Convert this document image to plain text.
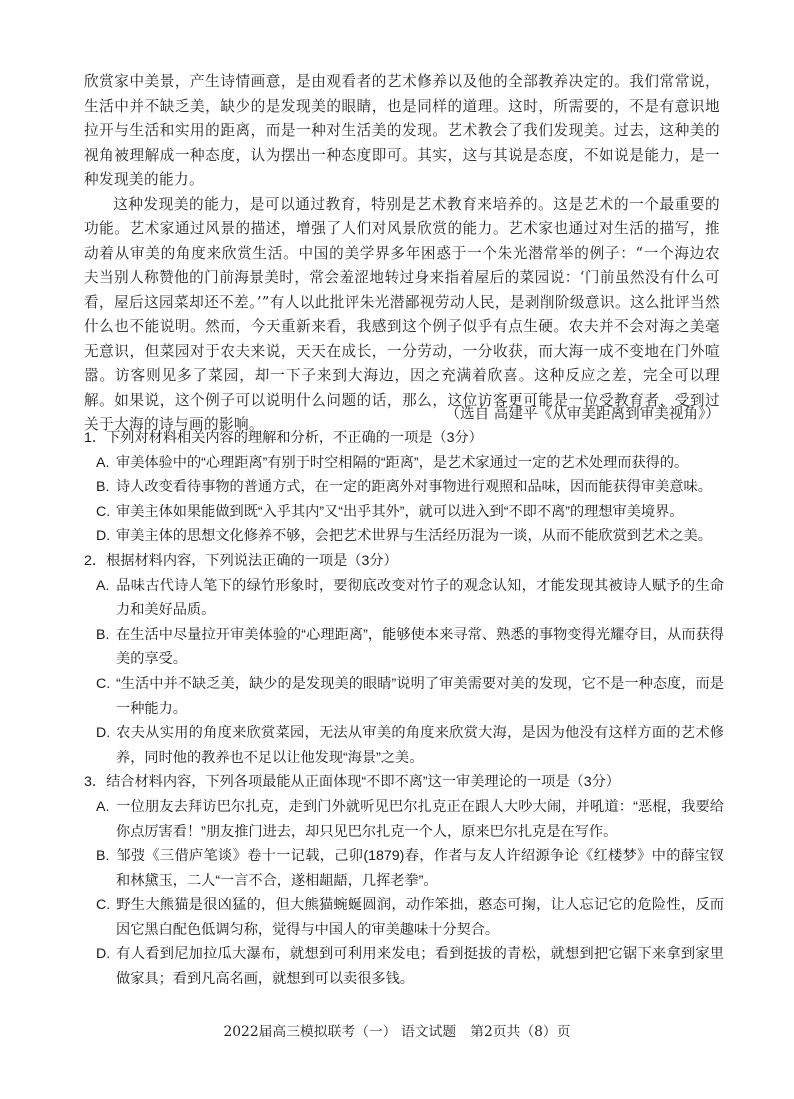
欣赏家中美景，产生诗情画意，是由观看者的艺术修养以及他的全部教养决定的。我们常常说，生活中并不缺乏美，缺少的是发现美的眼睛，也是同样的道理。这时，所需要的，不是有意识地拉开与生活和实用的距离，而是一种对生活美的发现。艺术教会了我们发现美。过去，这种美的视角被理解成一种态度，认为摆出一种态度即可。其实，这与其说是态度，不如说是能力，是一种发现美的能力。

这种发现美的能力，是可以通过教育，特别是艺术教育来培养的。这是艺术的一个最重要的功能。艺术家通过风景的描述，增强了人们对风景欣赏的能力。艺术家也通过对生活的描写，推动着从审美的角度来欣赏生活。中国的美学界多年困惑于一个朱光潜常举的例子：“一个海边农夫当别人称赞他的门前海景美时，常会羞涩地转过身来指着屋后的菜园说：‘门前虽然没有什么可看，屋后这园菜却还不差。’”有人以此批评朱光潜鄙视劳动人民，是剥削阶级意识。这么批评当然什么也不能说明。然而，今天重新来看，我感到这个例子似乎有点生硬。农夫并不会对海之美毫无意识，但菜园对于农夫来说，天天在成长，一分劳动，一分收获，而大海一成不变地在门外喧嚣。访客则见多了菜园，却一下子来到大海边，因之充满着欣喜。这种反应之差，完全可以理解。如果说，这个例子可以说明什么问题的话，那么，这位访客更可能是一位受教育者，受到过关于大海的诗与画的影响。

（选自 高建平《从审美距离到审美视角》）

1．下列对材料相关内容的理解和分析，不正确的一项是（3分）

A. 审美体验中的“心理距离”有别于时空相隔的“距离”，是艺术家通过一定的艺术处理而获得的。

B. 诗人改变看待事物的普通方式，在一定的距离外对事物进行观照和品味，因而能获得审美意味。

C. 审美主体如果能做到既“入乎其内”又“出乎其外”，就可以进入到“不即不离”的理想审美境界。

D. 审美主体的思想文化修养不够，会把艺术世界与生活经历混为一谈，从而不能欣赏到艺术之美。

2．根据材料内容，下列说法正确的一项是（3分）

A. 品味古代诗人笔下的绿竹形象时，要彻底改变对竹子的观念认知，才能发现其被诗人赋予的生命力和美好品质。

B. 在生活中尽量拉开审美体验的“心理距离”，能够使本来寻常、熟悉的事物变得光耀夺目，从而获得美的享受。

C. “生活中并不缺乏美，缺少的是发现美的眼睛”说明了审美需要对美的发现，它不是一种态度，而是一种能力。

D. 农夫从实用的角度来欣赏菜园，无法从审美的角度来欣赏大海，是因为他没有这样方面的艺术修养，同时他的教养也不足以让他发现“海景”之美。

3．结合材料内容，下列各项最能从正面体现“不即不离”这一审美理论的一项是（3分）

A. 一位朋友去拜访巴尔扎克，走到门外就听见巴尔扎克正在跟人大吵大闹，并吼道：“恶棍，我要给你点厉害看！”朋友推门进去，却只见巴尔扎克一个人，原来巴尔扎克是在写作。

B. 邹弢《三借庐笔谈》卷十一记载，己卯(1879)春，作者与友人许绍源争论《红楼梦》中的薛宝钗和林黛玉，二人“一言不合，遂相龃龉，几挥老拳”。

C. 野生大熊猫是很凶猛的，但大熊猫蜿蜒圆润，动作笨拙，憨态可掬，让人忘记它的危险性，反而因它黑白配色低调匀称，觉得与中国人的审美趣味十分契合。

D. 有人看到尼加拉瓜大瀑布，就想到可利用来发电；看到挺拔的青松，就想到把它锯下来拿到家里做家具；看到凡高名画，就想到可以卖很多钱。

2022届高三模拟联考（一） 语文试题 第2页共（8）页
